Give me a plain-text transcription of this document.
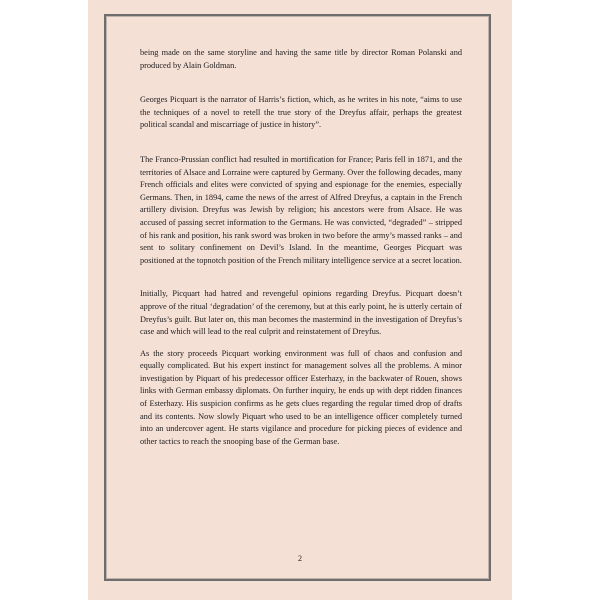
being made on the same storyline and having the same title by director Roman Polanski and produced by Alain Goldman.

Georges Picquart is the narrator of Harris’s fiction, which, as he writes in his note, “aims to use the techniques of a novel to retell the true story of the Dreyfus affair, perhaps the greatest political scandal and miscarriage of justice in history”.

The Franco-Prussian conflict had resulted in mortification for France; Paris fell in 1871, and the territories of Alsace and Lorraine were captured by Germany. Over the following decades, many French officials and elites were convicted of spying and espionage for the enemies, especially Germans. Then, in 1894, came the news of the arrest of Alfred Dreyfus, a captain in the French artillery division. Dreyfus was Jewish by religion; his ancestors were from Alsace. He was accused of passing secret information to the Germans. He was convicted, “degraded” – stripped of his rank and position, his rank sword was broken in two before the army’s massed ranks – and sent to solitary confinement on Devil’s Island. In the meantime, Georges Picquart was positioned at the topnotch position of the French military intelligence service at a secret location.

Initially, Picquart had hatred and revengeful opinions regarding Dreyfus. Picquart doesn’t approve of the ritual ‘degradation’ of the ceremony, but at this early point, he is utterly certain of Dreyfus’s guilt. But later on, this man becomes the mastermind in the investigation of Dreyfus’s case and which will lead to the real culprit and reinstatement of Dreyfus.

As the story proceeds Picquart working environment was full of chaos and confusion and equally complicated. But his expert instinct for management solves all the problems. A minor investigation by Piquart of his predecessor officer Esterhazy, in the backwater of Rouen, shows links with German embassy diplomats. On further inquiry, he ends up with dept ridden finances of Esterhazy. His suspicion confirms as he gets clues regarding the regular timed drop of drafts and its contents. Now slowly Piquart who used to be an intelligence officer completely turned into an undercover agent. He starts vigilance and procedure for picking pieces of evidence and other tactics to reach the snooping base of the German base.

2
